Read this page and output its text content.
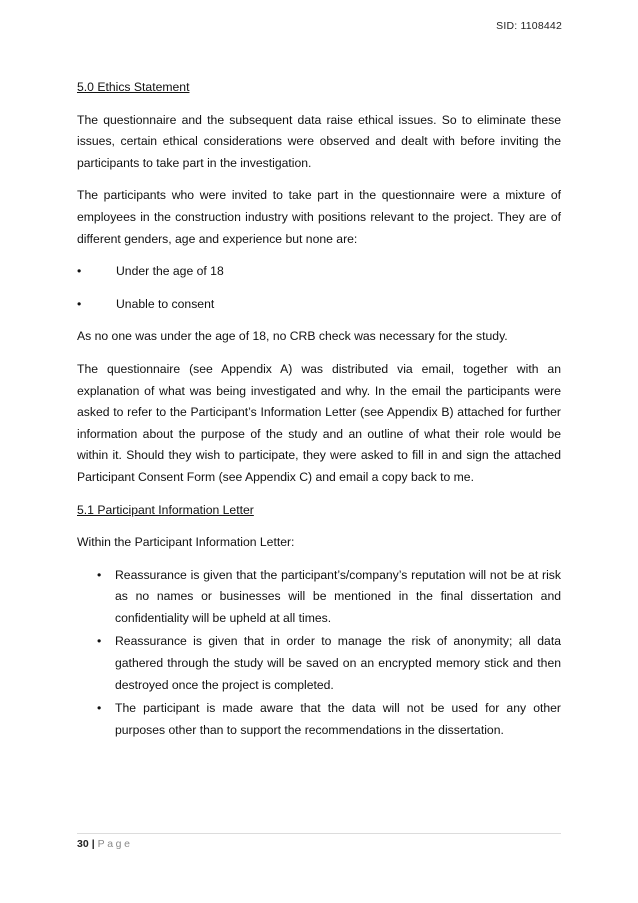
SID: 1108442
5.0 Ethics Statement

The questionnaire and the subsequent data raise ethical issues. So to eliminate these issues, certain ethical considerations were observed and dealt with before inviting the participants to take part in the investigation.

The participants who were invited to take part in the questionnaire were a mixture of employees in the construction industry with positions relevant to the project. They are of different genders, age and experience but none are:

•	Under the age of 18
•	Unable to consent

As no one was under the age of 18, no CRB check was necessary for the study.

The questionnaire (see Appendix A) was distributed via email, together with an explanation of what was being investigated and why. In the email the participants were asked to refer to the Participant’s Information Letter (see Appendix B) attached for further information about the purpose of the study and an outline of what their role would be within it. Should they wish to participate, they were asked to fill in and sign the attached Participant Consent Form (see Appendix C) and email a copy back to me.

5.1 Participant Information Letter

Within the Participant Information Letter:

• Reassurance is given that the participant’s/company’s reputation will not be at risk as no names or businesses will be mentioned in the final dissertation and confidentiality will be upheld at all times.
• Reassurance is given that in order to manage the risk of anonymity; all data gathered through the study will be saved on an encrypted memory stick and then destroyed once the project is completed.
• The participant is made aware that the data will not be used for any other purposes other than to support the recommendations in the dissertation.
30 | Page
